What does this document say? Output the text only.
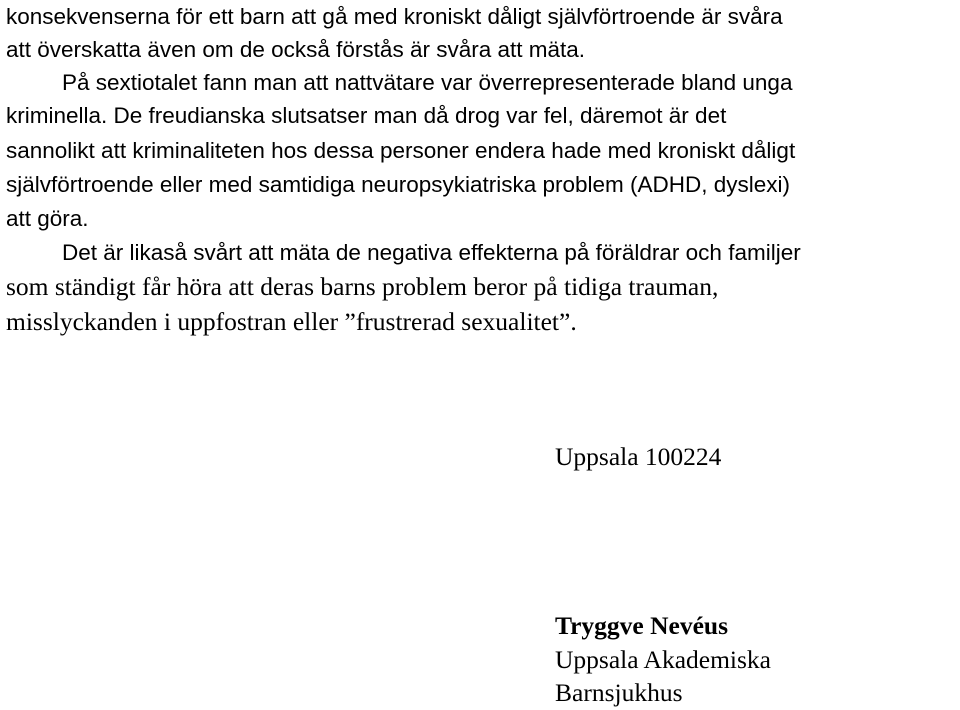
konsekvenserna för ett barn att gå med kroniskt dåligt självförtroende är svåra

att överskatta även om de också förstås är svåra att mäta.

På sextiotalet fann man att nattvätare var överrepresenterade bland unga

kriminella. De freudianska slutsatser man då drog var fel, däremot är det

sannolikt att kriminaliteten hos dessa personer endera hade med kroniskt dåligt

självförtroende eller med samtidiga neuropsykiatriska problem (ADHD, dyslexi)

att göra.

Det är likaså svårt att mäta de negativa effekterna på föräldrar och familjer

som ständigt får höra att deras barns problem beror på tidiga trauman,

misslyckanden i uppfostran eller ”frustrerad sexualitet”.

Uppsala 100224

Tryggve Nevéus

Uppsala Akademiska

Barnsjukhus
